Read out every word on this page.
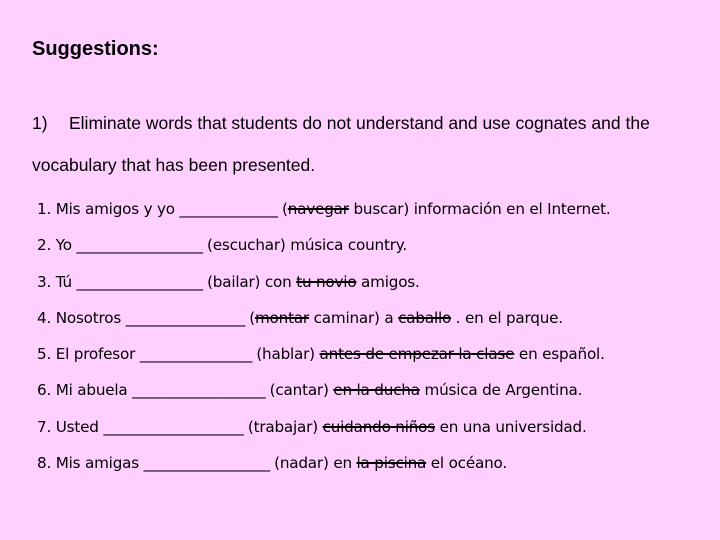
Suggestions:
1) Eliminate words that students do not understand and use cognates and the vocabulary that has been presented.
1. Mis amigos y yo ______________ (navegar buscar) información en el Internet.
2. Yo __________________ (escuchar) música country.
3. Tú __________________ (bailar) con tu novio amigos.
4. Nosotros _________________ (montar caminar) a caballo . en el parque.
5. El profesor ________________ (hablar) antes de empezar la clase en español.
6. Mi abuela ___________________ (cantar) en la ducha música de Argentina.
7. Usted ____________________ (trabajar) cuidando niños en una universidad.
8. Mis amigas __________________ (nadar) en la piscina el océano.
